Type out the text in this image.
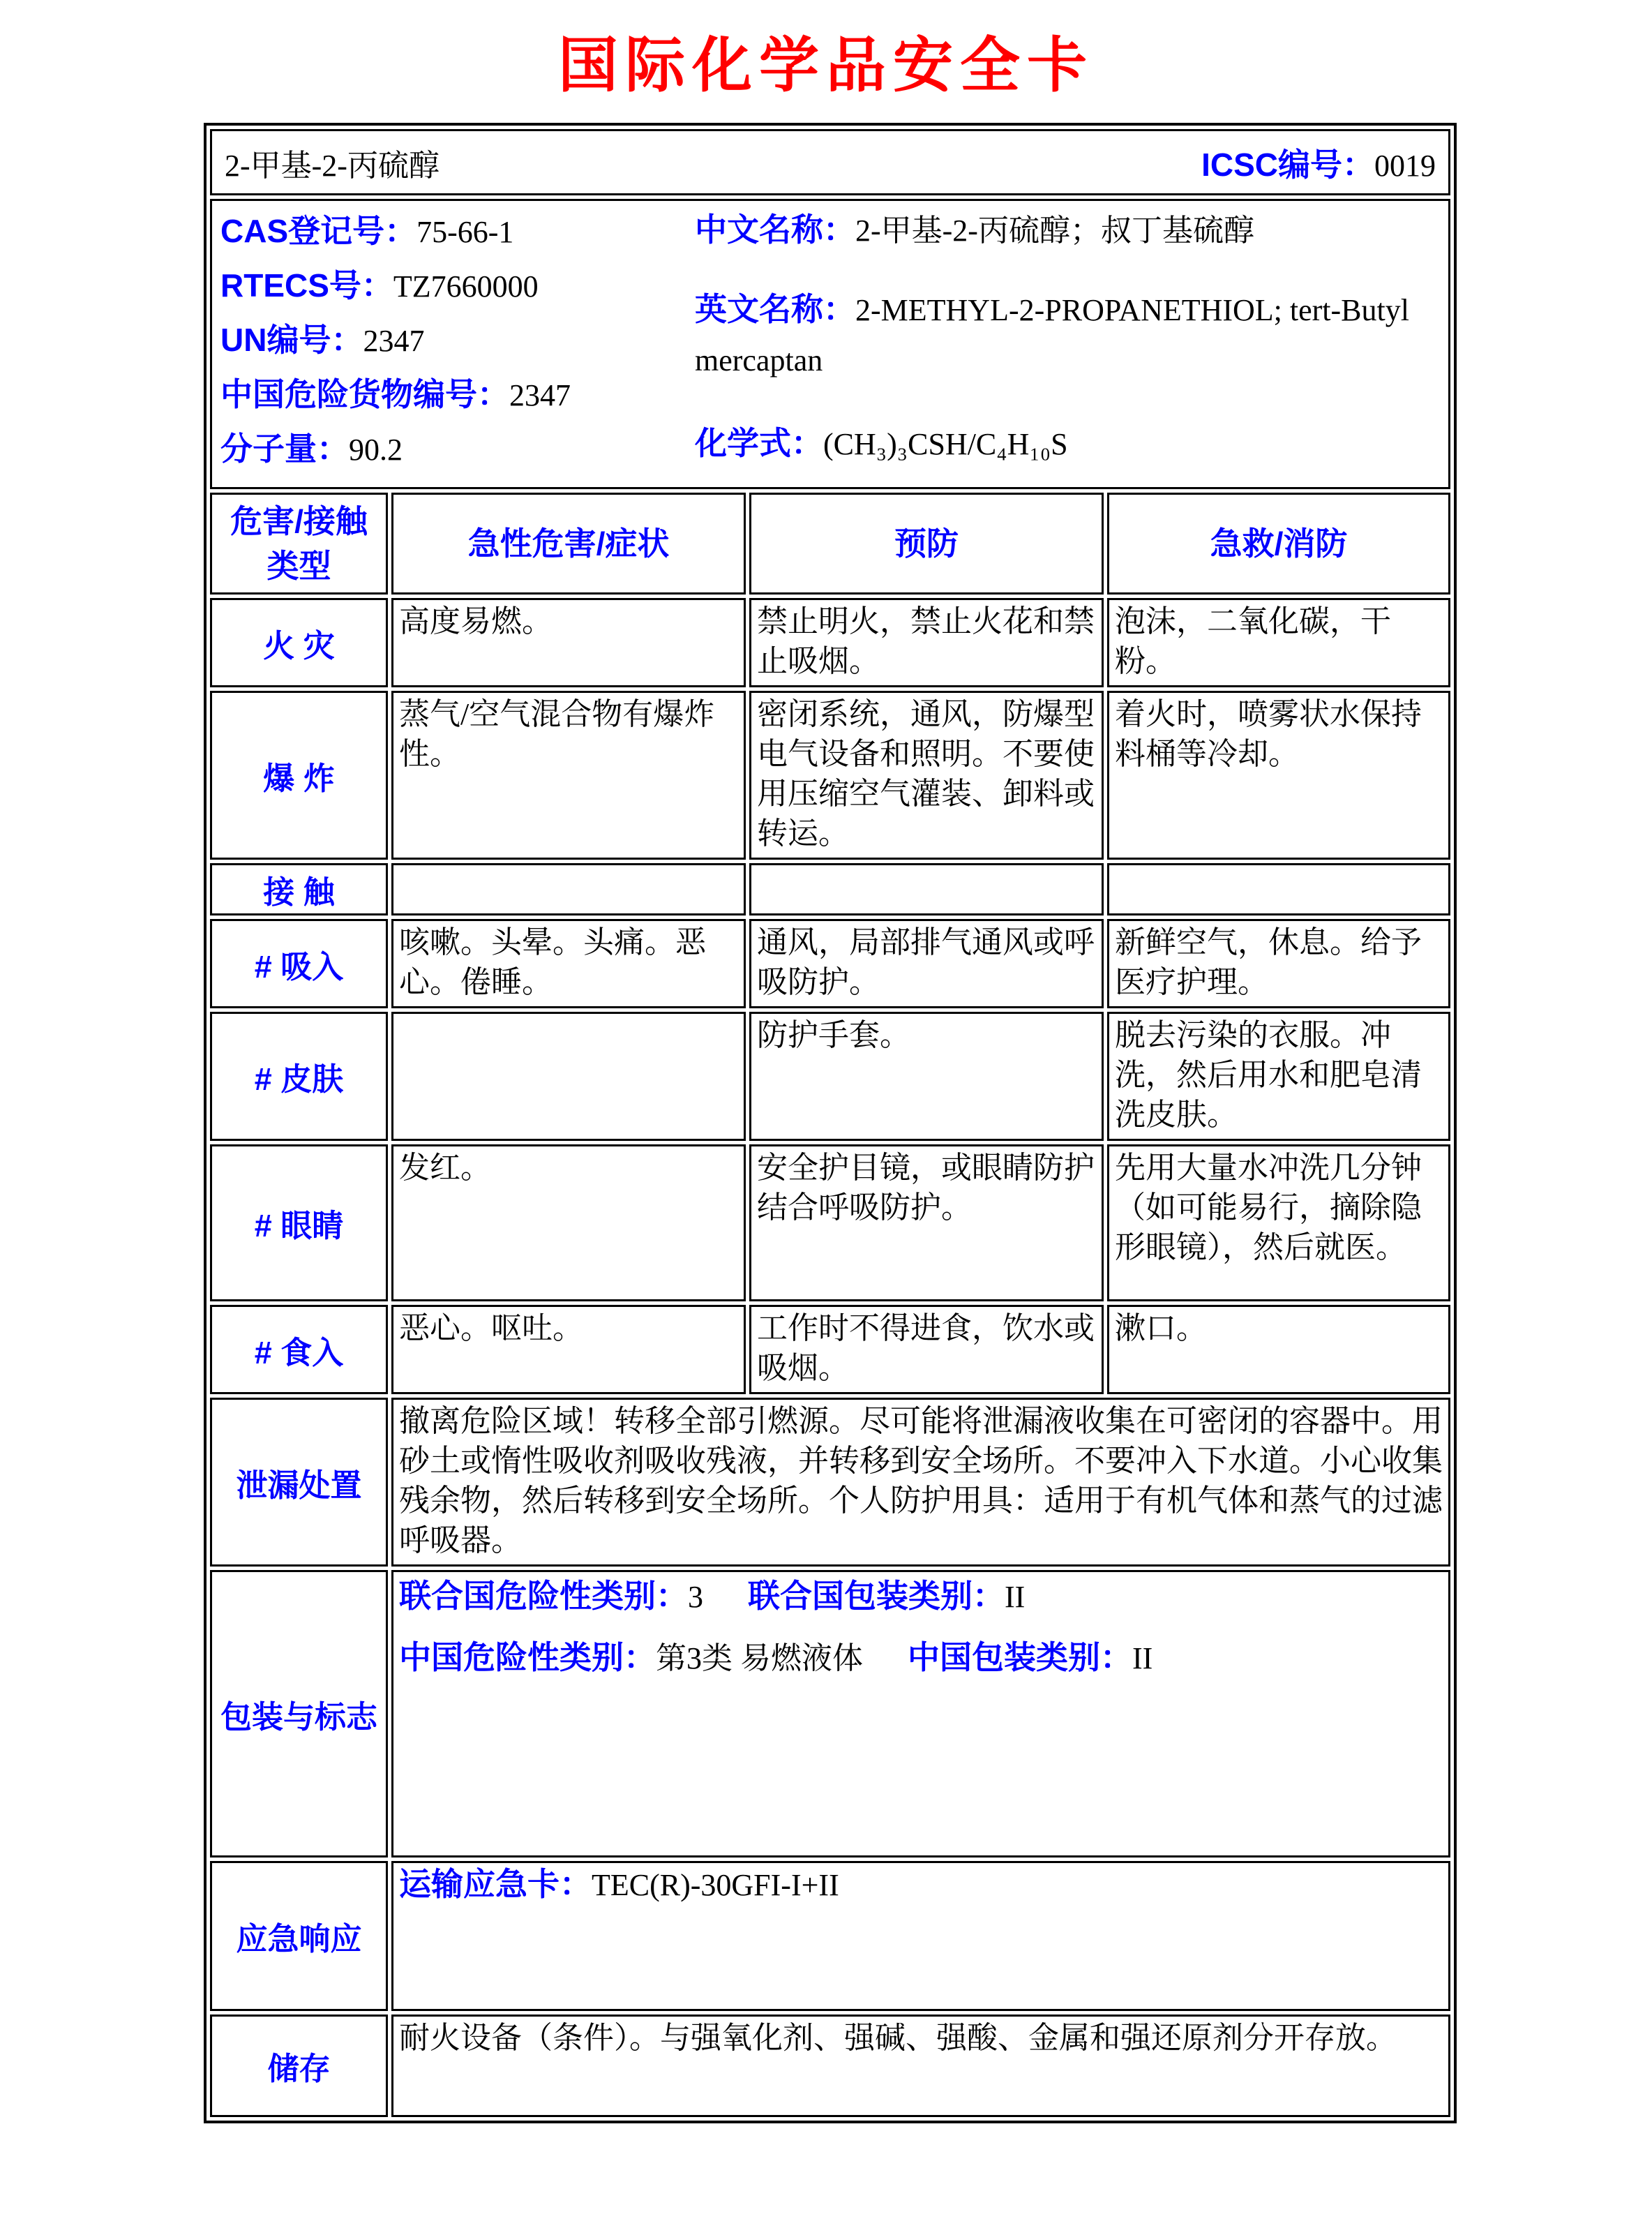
国际化学品安全卡
2-甲基-2-丙硫醇 ICSC编号：0019			

CAS登记号：75-66-1
RTECS号：TZ7660000
UN编号：2347
中国危险货物编号：2347
分子量：90.2
中文名称：2-甲基-2-丙硫醇；叔丁基硫醇
英文名称：2-METHYL-2-PROPANETHIOL; tert-Butyl mercaptan
化学式：(CH₃)₃CSH/C₄H₁₀S

危害/接触类型	急性危害/症状	预防	急救/消防
火 灾	高度易燃。	禁止明火，禁止火花和禁止吸烟。	泡沫，二氧化碳，干粉。
爆 炸	蒸气/空气混合物有爆炸性。	密闭系统，通风，防爆型电气设备和照明。不要使用压缩空气灌装、卸料或转运。	着火时，喷雾状水保持料桶等冷却。
接 触			
# 吸入	咳嗽。头晕。头痛。恶心。倦睡。	通风，局部排气通风或呼吸防护。	新鲜空气，休息。给予医疗护理。
# 皮肤		防护手套。	脱去污染的衣服。冲洗，然后用水和肥皂清洗皮肤。
# 眼睛	发红。	安全护目镜，或眼睛防护结合呼吸防护。	先用大量水冲洗几分钟（如可能易行，摘除隐形眼镜），然后就医。
# 食入	恶心。呕吐。	工作时不得进食，饮水或吸烟。	漱口。
泄漏处置	撤离危险区域！转移全部引燃源。尽可能将泄漏液收集在可密闭的容器中。用砂土或惰性吸收剂吸收残液，并转移到安全场所。不要冲入下水道。小心收集残余物，然后转移到安全场所。个人防护用具：适用于有机气体和蒸气的过滤呼吸器。		
包装与标志	联合国危险性类别：3 联合国包装类别：II
中国危险性类别：第3类 易燃液体 中国包装类别：II		

应急响应	运输应急卡：TEC(R)-30GFI-I+II		
储存	耐火设备（条件）。与强氧化剂、强碱、强酸、金属和强还原剂分开存放。		
